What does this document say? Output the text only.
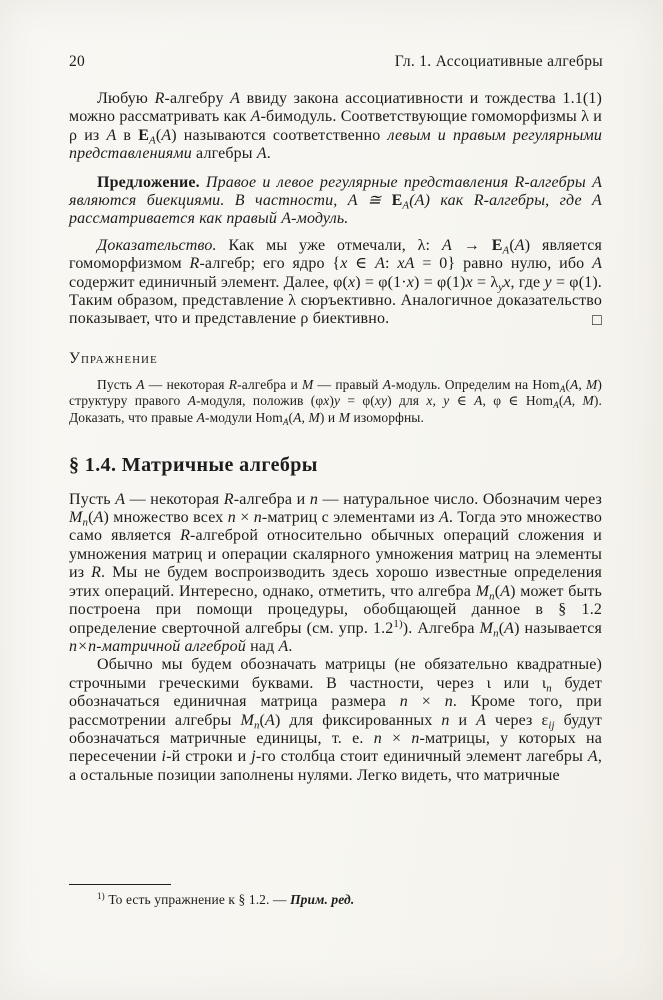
20	Гл. 1. Ассоциативные алгебры

Любую R-алгебру A ввиду закона ассоциативности и тождества 1.1(1) можно рассматривать как A-бимодуль. Соответствующие гомоморфизмы λ и ρ из A в $E_A(A)$ называются соответственно левым и правым регулярными представлениями алгебры A.

Предложение. Правое и левое регулярные представления R-алгебры A являются биекциями. В частности, A ≅ $E_A(A)$ как R-алгебры, где A рассматривается как правый A-модуль.

Доказательство. Как мы уже отмечали, λ: $A \to E_A(A)$ является гомоморфизмом R-алгебр; его ядро {x ∈ A: xA = 0} равно нулю, ибо A содержит единичный элемент. Далее, $\varphi(x) = \varphi(1\cdot x) = \varphi(1)x = \lambda_yx$, где y = φ(1). Таким образом, представление λ сюръективно. Аналогичное доказательство показывает, что и представление ρ биективно.	□

Упражнение

Пусть A — некоторая R-алгебра и M — правый A-модуль. Определим на Hom$_A$(A, M) структуру правого A-модуля, положив (φx)y = φ(xy) для x, y ∈ A, φ ∈ Hom$_A$(A, M). Доказать, что правые A-модули Hom$_A$(A, M) и M изоморфны.

§ 1.4. Матричные алгебры

Пусть A — некоторая R-алгебра и n — натуральное число. Обозначим через $M_n(A)$ множество всех n × n-матриц с элементами из A. Тогда это множество само является R-алгеброй относительно обычных операций сложения и умножения матриц и операции скалярного умножения матриц на элементы из R. Мы не будем воспроизводить здесь хорошо известные определения этих операций. Интересно, однако, отметить, что алгебра $M_n(A)$ может быть построена при помощи процедуры, обобщающей данное в § 1.2 определение сверточной алгебры (см. упр. 1.2$^{1)}$). Алгебра $M_n(A)$ называется n×n-матричной алгеброй над A.

Обычно мы будем обозначать матрицы (не обязательно квадратные) строчными греческими буквами. В частности, через ι или $\iota_n$ будет обозначаться единичная матрица размера n × n. Кроме того, при рассмотрении алгебры $M_n(A)$ для фиксированных n и A через $\varepsilon_{ij}$ будут обозначаться матричные единицы, т. е. n × n-матрицы, у которых на пересечении i-й строки и j-го столбца стоит единичный элемент лагебры A, а остальные позиции заполнены нулями. Легко видеть, что матричные

$^{1)}$ То есть упражнение к § 1.2. — Прим. ред.
